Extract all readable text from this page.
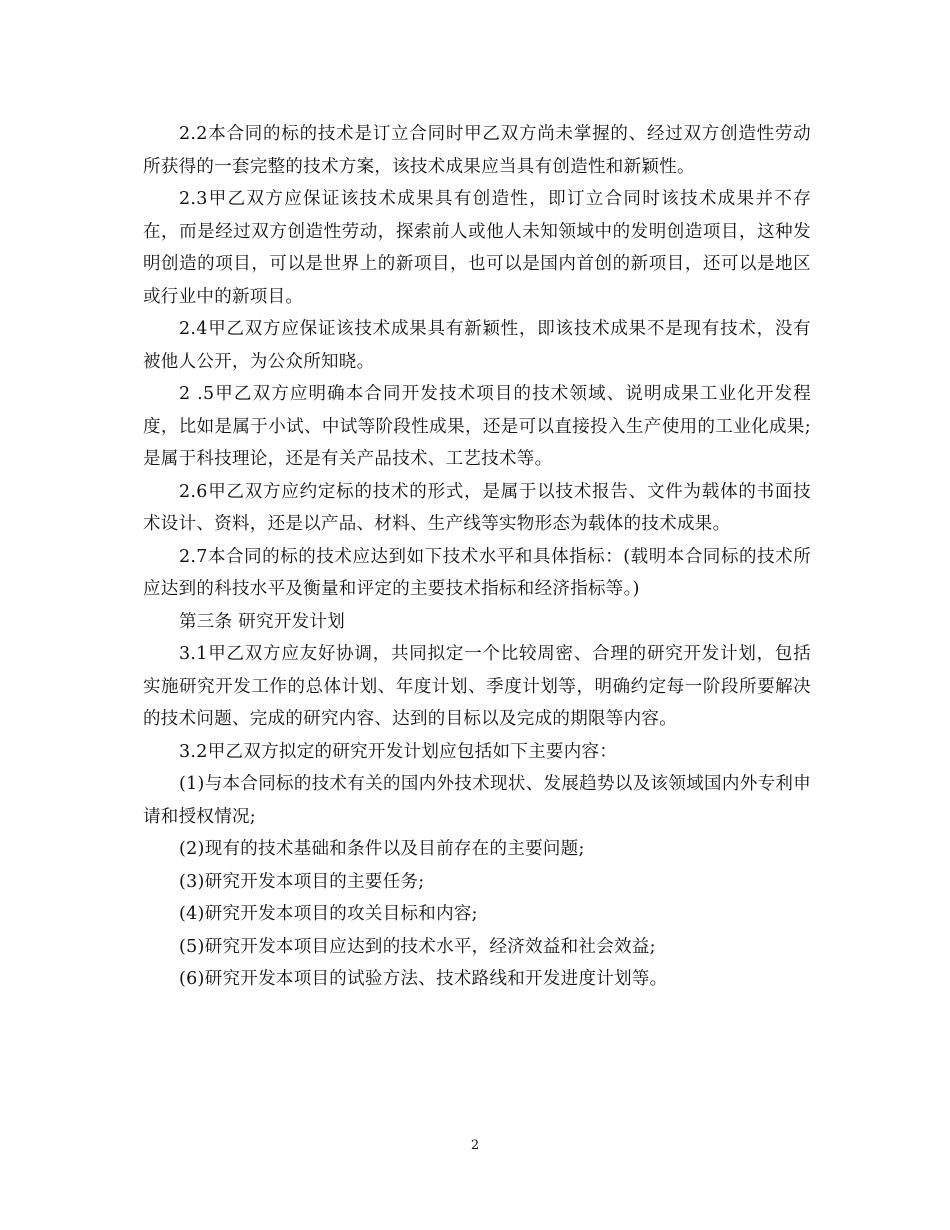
2.2本合同的标的技术是订立合同时甲乙双方尚未掌握的、经过双方创造性劳动所获得的一套完整的技术方案，该技术成果应当具有创造性和新颖性。

2.3甲乙双方应保证该技术成果具有创造性，即订立合同时该技术成果并不存在，而是经过双方创造性劳动，探索前人或他人未知领域中的发明创造项目，这种发明创造的项目，可以是世界上的新项目，也可以是国内首创的新项目，还可以是地区或行业中的新项目。

2.4甲乙双方应保证该技术成果具有新颖性，即该技术成果不是现有技术，没有被他人公开，为公众所知晓。

2 .5甲乙双方应明确本合同开发技术项目的技术领域、说明成果工业化开发程度，比如是属于小试、中试等阶段性成果，还是可以直接投入生产使用的工业化成果;是属于科技理论，还是有关产品技术、工艺技术等。

2.6甲乙双方应约定标的技术的形式，是属于以技术报告、文件为载体的书面技术设计、资料，还是以产品、材料、生产线等实物形态为载体的技术成果。

2.7本合同的标的技术应达到如下技术水平和具体指标：(载明本合同标的技术所应达到的科技水平及衡量和评定的主要技术指标和经济指标等。)

第三条 研究开发计划

3.1甲乙双方应友好协调，共同拟定一个比较周密、合理的研究开发计划，包括实施研究开发工作的总体计划、年度计划、季度计划等，明确约定每一阶段所要解决的技术问题、完成的研究内容、达到的目标以及完成的期限等内容。

3.2甲乙双方拟定的研究开发计划应包括如下主要内容：

(1)与本合同标的技术有关的国内外技术现状、发展趋势以及该领域国内外专利申请和授权情况;

(2)现有的技术基础和条件以及目前存在的主要问题;

(3)研究开发本项目的主要任务;

(4)研究开发本项目的攻关目标和内容;

(5)研究开发本项目应达到的技术水平，经济效益和社会效益;

(6)研究开发本项目的试验方法、技术路线和开发进度计划等。

2
